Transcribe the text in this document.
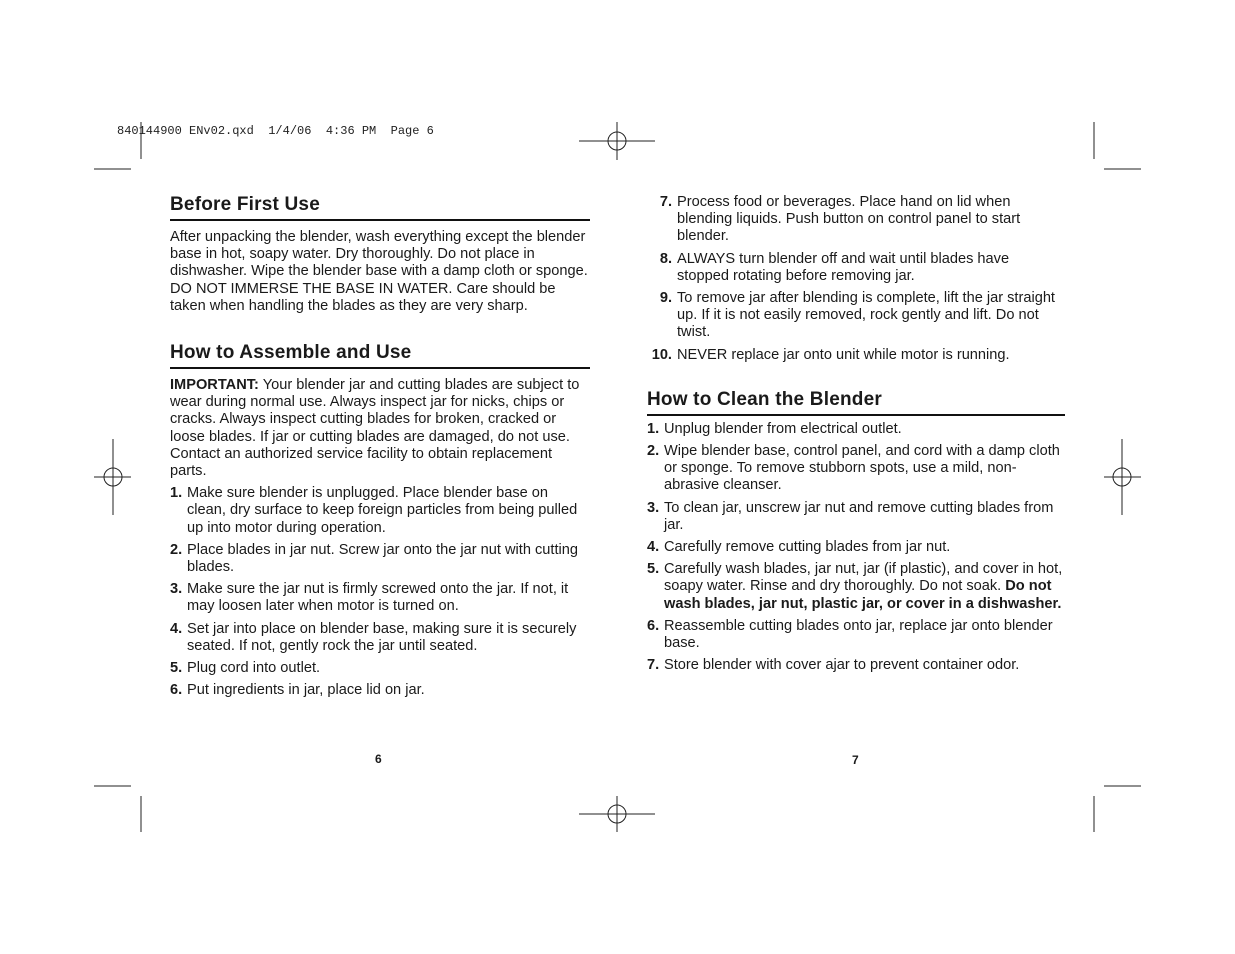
840144900 ENv02.qxd  1/4/06  4:36 PM  Page 6
Before First Use

After unpacking the blender, wash everything except the blender base in hot, soapy water. Dry thoroughly. Do not place in dishwasher. Wipe the blender base with a damp cloth or sponge. DO NOT IMMERSE THE BASE IN WATER. Care should be taken when handling the blades as they are very sharp.

How to Assemble and Use

IMPORTANT: Your blender jar and cutting blades are subject to wear during normal use. Always inspect jar for nicks, chips or cracks. Always inspect cutting blades for broken, cracked or loose blades. If jar or cutting blades are damaged, do not use. Contact an authorized service facility to obtain replacement parts.

1. Make sure blender is unplugged. Place blender base on clean, dry surface to keep foreign particles from being pulled up into motor during operation.
2. Place blades in jar nut. Screw jar onto the jar nut with cutting blades.
3. Make sure the jar nut is firmly screwed onto the jar. If not, it may loosen later when motor is turned on.
4. Set jar into place on blender base, making sure it is securely seated. If not, gently rock the jar until seated.
5. Plug cord into outlet.
6. Put ingredients in jar, place lid on jar.
7. Process food or beverages. Place hand on lid when blending liquids. Push button on control panel to start blender.
8. ALWAYS turn blender off and wait until blades have stopped rotating before removing jar.
9. To remove jar after blending is complete, lift the jar straight up. If it is not easily removed, rock gently and lift. Do not twist.
10. NEVER replace jar onto unit while motor is running.
How to Clean the Blender
1. Unplug blender from electrical outlet.
2. Wipe blender base, control panel, and cord with a damp cloth or sponge. To remove stubborn spots, use a mild, non-abrasive cleanser.
3. To clean jar, unscrew jar nut and remove cutting blades from jar.
4. Carefully remove cutting blades from jar nut.
5. Carefully wash blades, jar nut, jar (if plastic), and cover in hot, soapy water. Rinse and dry thoroughly. Do not soak. Do not wash blades, jar nut, plastic jar, or cover in a dishwasher.
6. Reassemble cutting blades onto jar, replace jar onto blender base.
7. Store blender with cover ajar to prevent container odor.
6	7
